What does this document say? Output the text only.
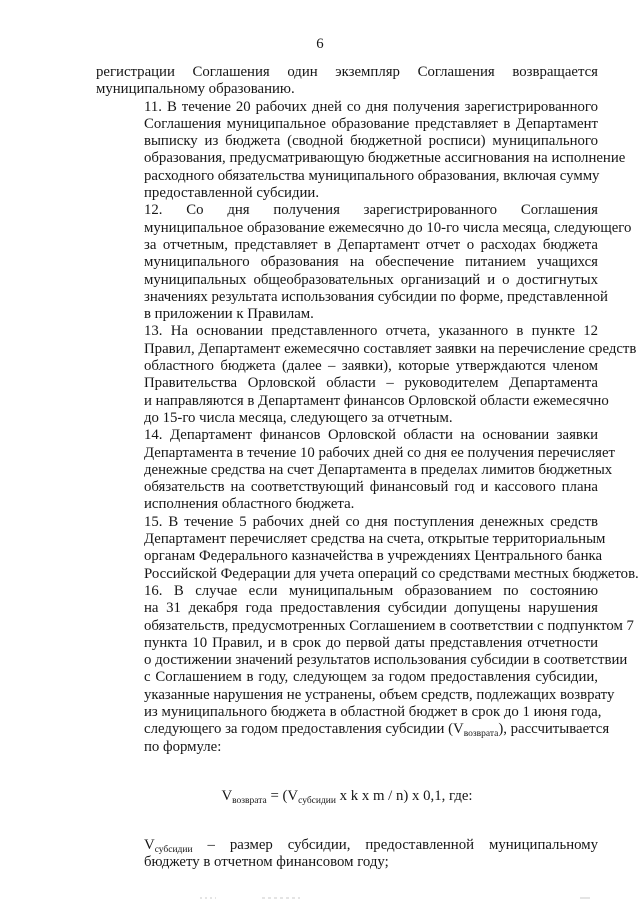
6

регистрации Соглашения один экземпляр Соглашения возвращается
муниципальному образованию.

11. В течение 20 рабочих дней со дня получения зарегистрированного
Соглашения муниципальное образование представляет в Департамент
выписку из бюджета (сводной бюджетной росписи) муниципального
образования, предусматривающую бюджетные ассигнования на исполнение
расходного обязательства муниципального образования, включая сумму
предоставленной субсидии.

12. Со дня получения зарегистрированного Соглашения
муниципальное образование ежемесячно до 10-го числа месяца, следующего
за отчетным, представляет в Департамент отчет о расходах бюджета
муниципального образования на обеспечение питанием учащихся
муниципальных общеобразовательных организаций и о достигнутых
значениях результата использования субсидии по форме, представленной
в приложении к Правилам.

13. На основании представленного отчета, указанного в пункте 12
Правил, Департамент ежемесячно составляет заявки на перечисление средств
областного бюджета (далее – заявки), которые утверждаются членом
Правительства Орловской области – руководителем Департамента
и направляются в Департамент финансов Орловской области ежемесячно
до 15-го числа месяца, следующего за отчетным.

14. Департамент финансов Орловской области на основании заявки
Департамента в течение 10 рабочих дней со дня ее получения перечисляет
денежные средства на счет Департамента в пределах лимитов бюджетных
обязательств на соответствующий финансовый год и кассового плана
исполнения областного бюджета.

15. В течение 5 рабочих дней со дня поступления денежных средств
Департамент перечисляет средства на счета, открытые территориальным
органам Федерального казначейства в учреждениях Центрального банка
Российской Федерации для учета операций со средствами местных бюджетов.

16. В случае если муниципальным образованием по состоянию
на 31 декабря года предоставления субсидии допущены нарушения
обязательств, предусмотренных Соглашением в соответствии с подпунктом 7
пункта 10 Правил, и в срок до первой даты представления отчетности
о достижении значений результатов использования субсидии в соответствии
с Соглашением в году, следующем за годом предоставления субсидии,
указанные нарушения не устранены, объем средств, подлежащих возврату
из муниципального бюджета в областной бюджет в срок до 1 июня года,
следующего за годом предоставления субсидии $(V_{возврата})$, рассчитывается
по формуле:

$V_{возврата} = (V_{субсидии}$ x k x m / n) x 0,1, где:

$V_{субсидии}$ – размер субсидии, предоставленной муниципальному
бюджету в отчетном финансовом году;
